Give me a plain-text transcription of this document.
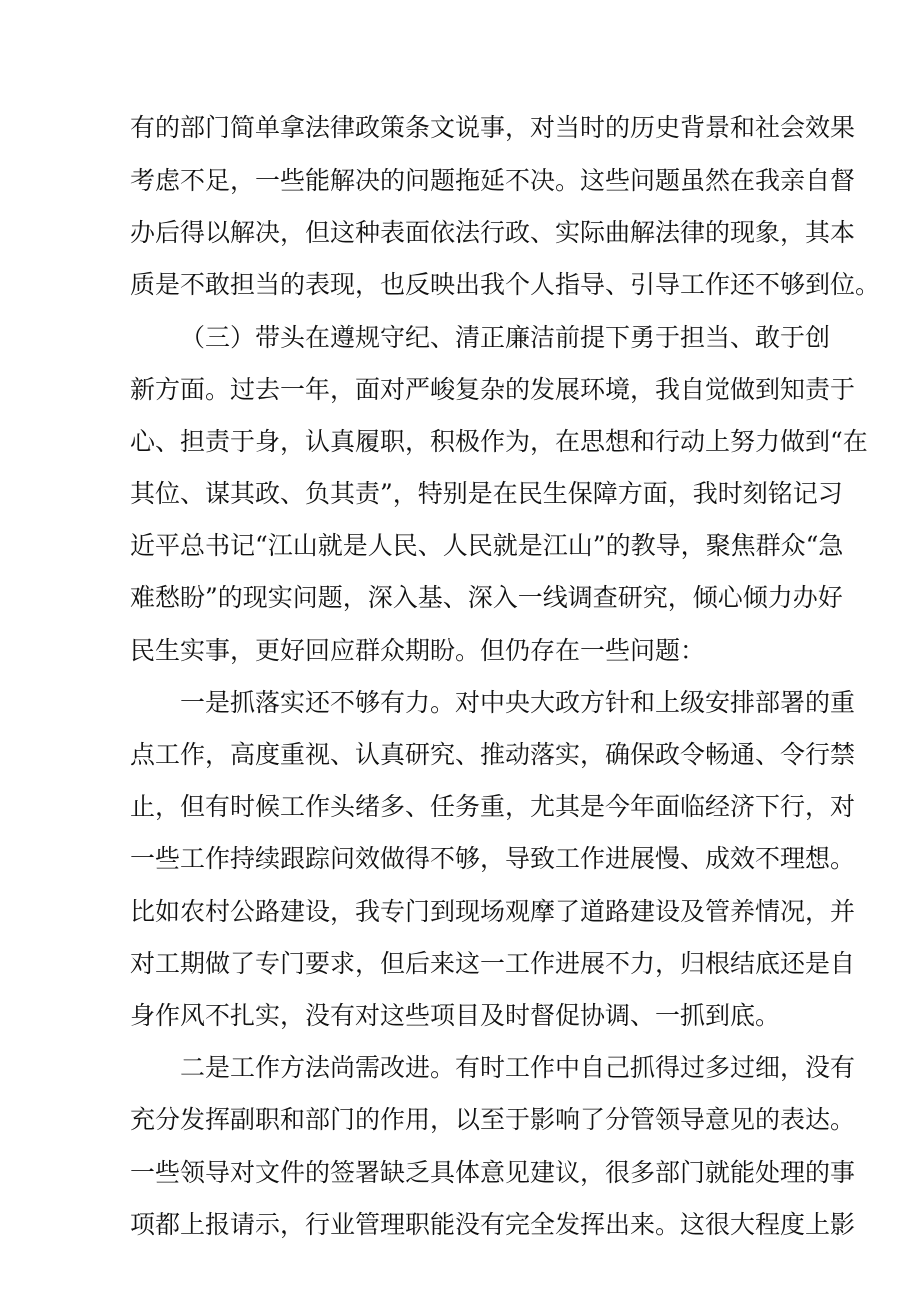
有的部门简单拿法律政策条文说事，对当时的历史背景和社会效果
考虑不足，一些能解决的问题拖延不决。这些问题虽然在我亲自督
办后得以解决，但这种表面依法行政、实际曲解法律的现象，其本
质是不敢担当的表现，也反映出我个人指导、引导工作还不够到位。
（三）带头在遵规守纪、清正廉洁前提下勇于担当、敢于创
新方面。过去一年，面对严峻复杂的发展环境，我自觉做到知责于
心、担责于身，认真履职，积极作为，在思想和行动上努力做到“在
其位、谋其政、负其责”，特别是在民生保障方面，我时刻铭记习
近平总书记“江山就是人民、人民就是江山”的教导，聚焦群众“急
难愁盼”的现实问题，深入基、深入一线调查研究，倾心倾力办好
民生实事，更好回应群众期盼。但仍存在一些问题：
一是抓落实还不够有力。对中央大政方针和上级安排部署的重
点工作，高度重视、认真研究、推动落实，确保政令畅通、令行禁
止，但有时候工作头绪多、任务重，尤其是今年面临经济下行，对
一些工作持续跟踪问效做得不够，导致工作进展慢、成效不理想。
比如农村公路建设，我专门到现场观摩了道路建设及管养情况，并
对工期做了专门要求，但后来这一工作进展不力，归根结底还是自
身作风不扎实，没有对这些项目及时督促协调、一抓到底。
二是工作方法尚需改进。有时工作中自己抓得过多过细，没有
充分发挥副职和部门的作用，以至于影响了分管领导意见的表达。
一些领导对文件的签署缺乏具体意见建议，很多部门就能处理的事
项都上报请示，行业管理职能没有完全发挥出来。这很大程度上影
